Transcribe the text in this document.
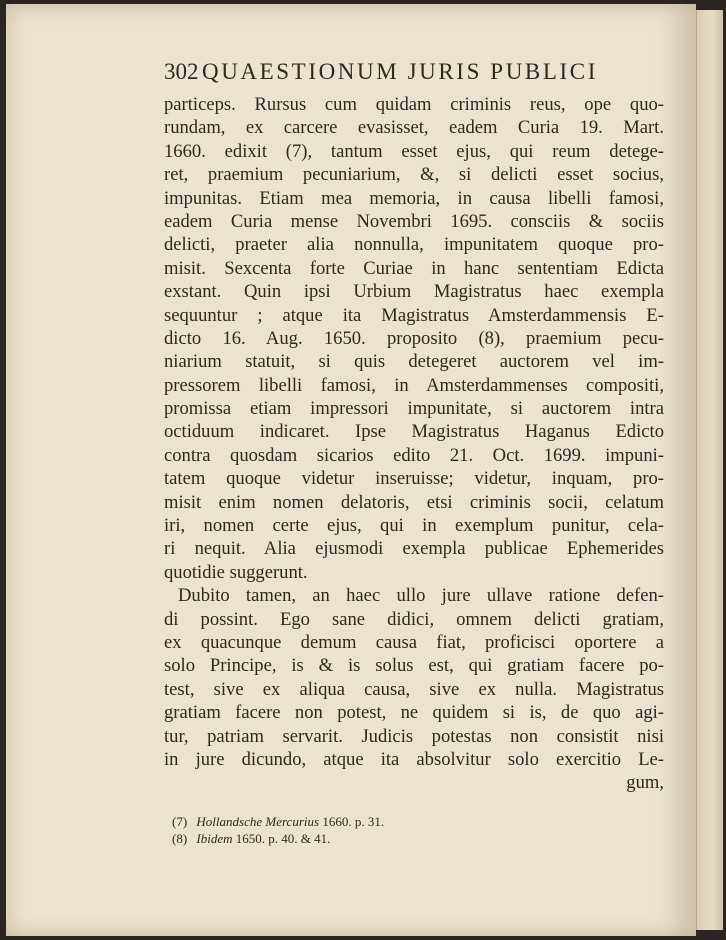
302 QUAESTIONUM JURIS PUBLICI
particeps. Rursus cum quidam criminis reus, ope quo-
rundam, ex carcere evasisset, eadem Curia 19. Mart.
1660. edixit (7), tantum esset ejus, qui reum detege-
ret, praemium pecuniarium, &, si delicti esset socius,
impunitas. Etiam mea memoria, in causa libelli famosi,
eadem Curia mense Novembri 1695. consciis & sociis
delicti, praeter alia nonnulla, impunitatem quoque pro-
misit. Sexcenta forte Curiae in hanc sententiam Edicta
exstant. Quin ipsi Urbium Magistratus haec exempla
sequuntur ; atque ita Magistratus Amsterdammensis E-
dicto 16. Aug. 1650. proposito (8), praemium pecu-
niarium statuit, si quis detegeret auctorem vel im-
pressorem libelli famosi, in Amsterdammenses compositi,
promissa etiam impressori impunitate, si auctorem intra
octiduum indicaret. Ipse Magistratus Haganus Edicto
contra quosdam sicarios edito 21. Oct. 1699. impuni-
tatem quoque videtur inseruisse; videtur, inquam, pro-
misit enim nomen delatoris, etsi criminis socii, celatum
iri, nomen certe ejus, qui in exemplum punitur, cela-
ri nequit. Alia ejusmodi exempla publicae Ephemerides
quotidie suggerunt.
Dubito tamen, an haec ullo jure ullave ratione defen-
di possint. Ego sane didici, omnem delicti gratiam,
ex quacunque demum causa fiat, proficisci oportere a
solo Principe, is & is solus est, qui gratiam facere po-
test, sive ex aliqua causa, sive ex nulla. Magistratus
gratiam facere non potest, ne quidem si is, de quo agi-
tur, patriam servarit. Judicis potestas non consistit nisi
in jure dicundo, atque ita absolvitur solo exercitio Le-
gum,
(7) Hollandsche Mercurius 1660. p. 31.
(8) Ibidem 1650. p. 40. & 41.
